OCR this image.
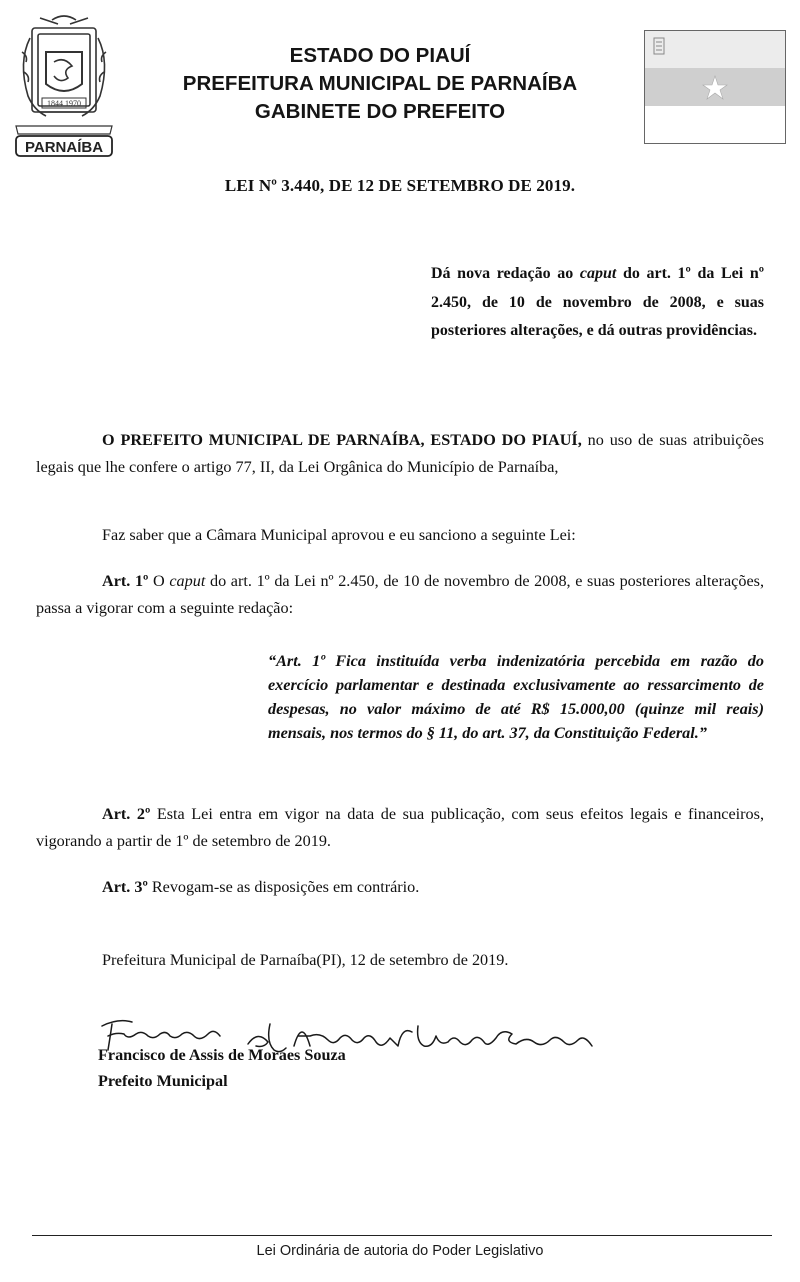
1844 1970
PARNAÍBA
ESTADO DO PIAUÍ
PREFEITURA MUNICIPAL DE PARNAÍBA
GABINETE DO PREFEITO
LEI Nº 3.440, DE 12 DE SETEMBRO DE 2019.
Dá nova redação ao caput do art. 1º da Lei nº 2.450, de 10 de novembro de 2008, e suas posteriores alterações, e dá outras providências.
O PREFEITO MUNICIPAL DE PARNAÍBA, ESTADO DO PIAUÍ, no uso de suas atribuições legais que lhe confere o artigo 77, II, da Lei Orgânica do Município de Parnaíba,
Faz saber que a Câmara Municipal aprovou e eu sanciono a seguinte Lei:
Art. 1º O caput do art. 1º da Lei nº 2.450, de 10 de novembro de 2008, e suas posteriores alterações, passa a vigorar com a seguinte redação:
“Art. 1º Fica instituída verba indenizatória percebida em razão do exercício parlamentar e destinada exclusivamente ao ressarcimento de despesas, no valor máximo de até R$ 15.000,00 (quinze mil reais) mensais, nos termos do § 11, do art. 37, da Constituição Federal.”
Art. 2º Esta Lei entra em vigor na data de sua publicação, com seus efeitos legais e financeiros, vigorando a partir de 1º de setembro de 2019.
Art. 3º Revogam-se as disposições em contrário.
Prefeitura Municipal de Parnaíba(PI), 12 de setembro de 2019.
Francisco de Assis de Moraes Souza
Prefeito Municipal
Lei Ordinária de autoria do Poder Legislativo
